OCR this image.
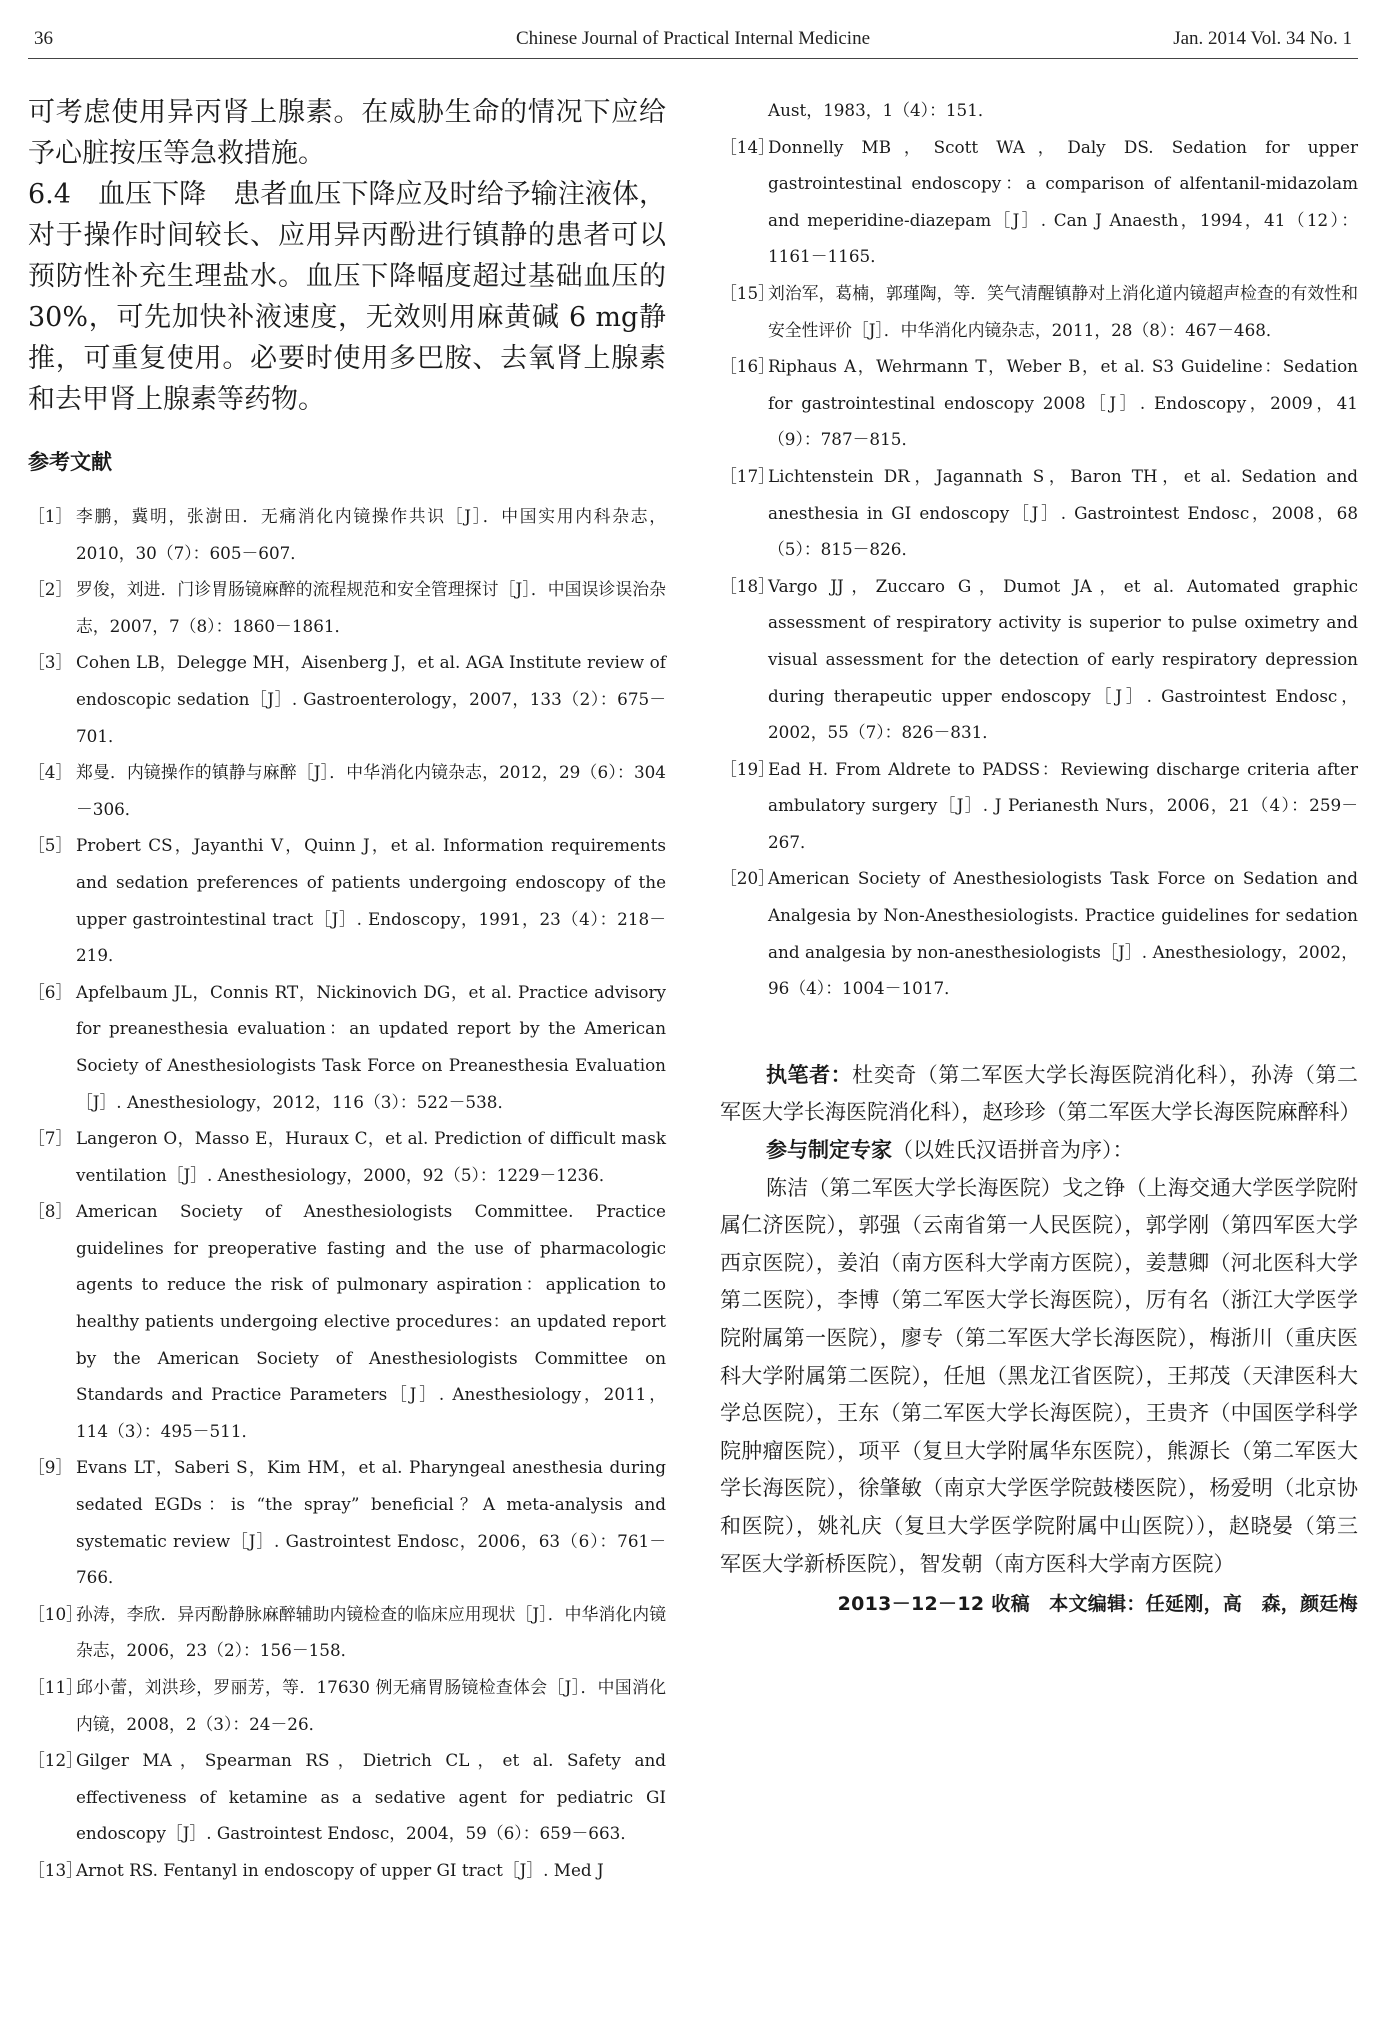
36	Chinese Journal of Practical Internal Medicine	Jan. 2014 Vol. 34 No. 1

可考虑使用异丙肾上腺素。在威胁生命的情况下应给予心脏按压等急救措施。

6.4　血压下降　患者血压下降应及时给予输注液体，对于操作时间较长、应用异丙酚进行镇静的患者可以预防性补充生理盐水。血压下降幅度超过基础血压的 30%，可先加快补液速度，无效则用麻黄碱 6 mg静推，可重复使用。必要时使用多巴胺、去氧肾上腺素和去甲肾上腺素等药物。

参考文献
［1］ 李鹏，冀明，张澍田．无痛消化内镜操作共识［J］．中国实用内科杂志，2010，30（7）：605－607．
［2］ 罗俊，刘进．门诊胃肠镜麻醉的流程规范和安全管理探讨［J］．中国误诊误治杂志，2007，7（8）：1860－1861．
［3］ Cohen LB，Delegge MH，Aisenberg J，et al. AGA Institute review of endoscopic sedation［J］. Gastroenterology，2007，133（2）：675－701．
［4］ 郑曼．内镜操作的镇静与麻醉［J］．中华消化内镜杂志，2012，29（6）：304－306．
［5］ Probert CS，Jayanthi V，Quinn J，et al. Information requirements and sedation preferences of patients undergoing endoscopy of the upper gastrointestinal tract［J］. Endoscopy，1991，23（4）：218－219．
［6］ Apfelbaum JL，Connis RT，Nickinovich DG，et al. Practice advisory for preanesthesia evaluation：an updated report by the American Society of Anesthesiologists Task Force on Preanesthesia Evaluation［J］. Anesthesiology，2012，116（3）：522－538．
［7］ Langeron O，Masso E，Huraux C，et al. Prediction of difficult mask ventilation［J］. Anesthesiology，2000，92（5）：1229－1236．
［8］ American Society of Anesthesiologists Committee. Practice guidelines for preoperative fasting and the use of pharmacologic agents to reduce the risk of pulmonary aspiration：application to healthy patients undergoing elective procedures：an updated report by the American Society of Anesthesiologists Committee on Standards and Practice Parameters［J］. Anesthesiology，2011，114（3）：495－511．
［9］ Evans LT，Saberi S，Kim HM，et al. Pharyngeal anesthesia during sedated EGDs：is “the spray” beneficial？A meta-analysis and systematic review［J］. Gastrointest Endosc，2006，63（6）：761－766．
［10］
孙涛，李欣．异丙酚静脉麻醉辅助内镜检查的临床应用现状［J］．中华消化内镜杂志，2006，23（2）：156－158．
［11］
邱小蕾，刘洪珍，罗丽芳，等．17630 例无痛胃肠镜检查体会［J］．中国消化内镜，2008，2（3）：24－26．
［12］
Gilger MA，Spearman RS，Dietrich CL，et al. Safety and effectiveness of ketamine as a sedative agent for pediatric GI endoscopy［J］. Gastrointest Endosc，2004，59（6）：659－663．
［13］
Arnot RS. Fentanyl in endoscopy of upper GI tract［J］. Med J
Aust，1983，1（4）：151．
［14］
Donnelly MB，Scott WA，Daly DS. Sedation for upper gastrointestinal endoscopy：a comparison of alfentanil-midazolam and meperidine-diazepam［J］. Can J Anaesth，1994，41（12）：1161－1165．
［15］
刘治军，葛楠，郭瑾陶，等．笑气清醒镇静对上消化道内镜超声检查的有效性和安全性评价［J］．中华消化内镜杂志，2011，28（8）：467－468．
［16］
Riphaus A，Wehrmann T，Weber B，et al. S3 Guideline：Sedation for gastrointestinal endoscopy 2008［J］. Endoscopy，2009，41（9）：787－815．
［17］
Lichtenstein DR，Jagannath S，Baron TH，et al. Sedation and anesthesia in GI endoscopy［J］. Gastrointest Endosc，2008，68（5）：815－826．
［18］
Vargo JJ，Zuccaro G，Dumot JA，et al. Automated graphic assessment of respiratory activity is superior to pulse oximetry and visual assessment for the detection of early respiratory depression during therapeutic upper endoscopy［J］. Gastrointest Endosc，2002，55（7）：826－831．
［19］
Ead H. From Aldrete to PADSS：Reviewing discharge criteria after ambulatory surgery［J］. J Perianesth Nurs，2006，21（4）：259－267．
［20］
American Society of Anesthesiologists Task Force on Sedation and Analgesia by Non-Anesthesiologists. Practice guidelines for sedation and analgesia by non-anesthesiologists［J］. Anesthesiology，2002，96（4）：1004－1017．

执笔者：杜奕奇（第二军医大学长海医院消化科），孙涛（第二军医大学长海医院消化科），赵珍珍（第二军医大学长海医院麻醉科）

参与制定专家（以姓氏汉语拼音为序）：

陈洁（第二军医大学长海医院）戈之铮（上海交通大学医学院附属仁济医院），郭强（云南省第一人民医院），郭学刚（第四军医大学西京医院），姜泊（南方医科大学南方医院），姜慧卿（河北医科大学第二医院），李博（第二军医大学长海医院），厉有名（浙江大学医学院附属第一医院），廖专（第二军医大学长海医院），梅浙川（重庆医科大学附属第二医院），任旭（黑龙江省医院），王邦茂（天津医科大学总医院），王东（第二军医大学长海医院），王贵齐（中国医学科学院肿瘤医院），项平（复旦大学附属华东医院），熊源长（第二军医大学长海医院），徐肇敏（南京大学医学院鼓楼医院），杨爱明（北京协和医院），姚礼庆（复旦大学医学院附属中山医院）），赵晓晏（第三军医大学新桥医院），智发朝（南方医科大学南方医院）

2013－12－12 收稿　本文编辑：任延刚，高　森，颜廷梅
